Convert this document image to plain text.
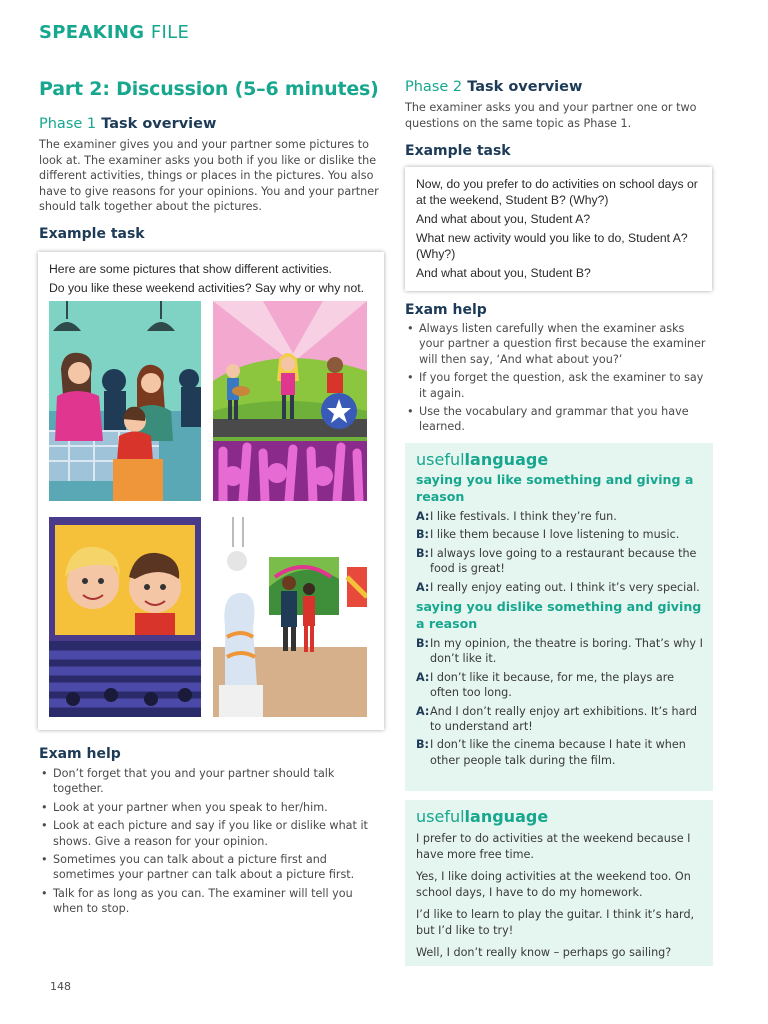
SPEAKING FILE
Part 2: Discussion (5–6 minutes)
Phase 1 Task overview
The examiner gives you and your partner some pictures to look at. The examiner asks you both if you like or dislike the different activities, things or places in the pictures. You also have to give reasons for your opinions. You and your partner should talk together about the pictures.
Example task

Here are some pictures that show different activities.

Do you like these weekend activities? Say why or why not.

Exam help
• Don’t forget that you and your partner should talk together.
• Look at your partner when you speak to her/him.
• Look at each picture and say if you like or dislike what it shows. Give a reason for your opinion.
• Sometimes you can talk about a picture first and sometimes your partner can talk about a picture first.
• Talk for as long as you can. The examiner will tell you when to stop.
Phase 2 Task overview
The examiner asks you and your partner one or two questions on the same topic as Phase 1.
Example task

Now, do you prefer to do activities on school days or at the weekend, Student B? (Why?)

And what about you, Student A?

What new activity would you like to do, Student A? (Why?)

And what about you, Student B?

Exam help
• Always listen carefully when the examiner asks your partner a question first because the examiner will then say, ‘And what about you?’
• If you forget the question, ask the examiner to say it again.
• Use the vocabulary and grammar that you have learned.
usefullanguage
saying you like something and giving a reason
A: I like festivals. I think they’re fun.
B: I like them because I love listening to music.
B: I always love going to a restaurant because the food is great!
A: I really enjoy eating out. I think it’s very special.
saying you dislike something and giving a reason
B: In my opinion, the theatre is boring. That’s why I don’t like it.
A: I don’t like it because, for me, the plays are often too long.
A: And I don’t really enjoy art exhibitions. It’s hard to understand art!
B: I don’t like the cinema because I hate it when other people talk during the film.
usefullanguage

I prefer to do activities at the weekend because I have more free time.

Yes, I like doing activities at the weekend too. On school days, I have to do my homework.

I’d like to learn to play the guitar. I think it’s hard, but I’d like to try!

Well, I don’t really know – perhaps go sailing?

148
